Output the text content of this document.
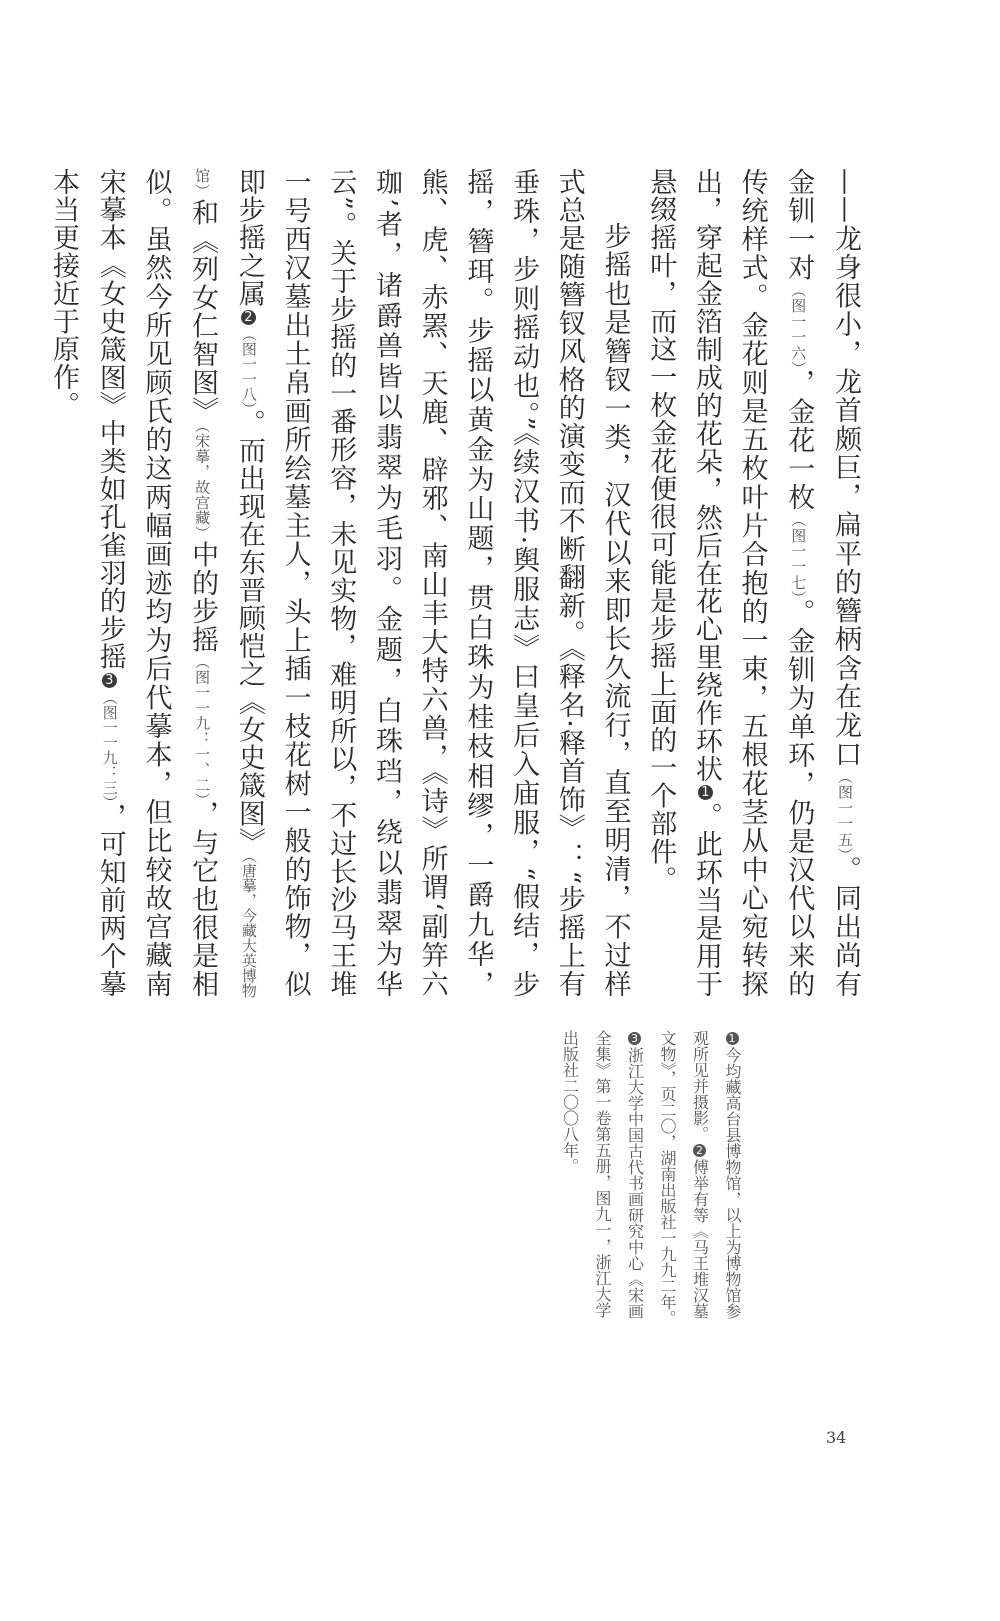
——龙身很小，龙首颇巨，扁平的簪柄含在龙口（图一一五）。同出尚有金钏一对（图一一六），金花一枚（图一一七）。金钏为单环，仍是汉代以来的传统样式。金花则是五枚叶片合抱的一束，五根花茎从中心宛转探出，穿起金箔制成的花朵，然后在花心里绕作环状1。此环当是用于悬缀摇叶，而这一枚金花便很可能是步摇上面的一个部件。

步摇也是簪钗一类，汉代以来即长久流行，直至明清，不过样式总是随簪钗风格的演变而不断翻新。《释名·释首饰》：“步摇上有垂珠，步则摇动也。”《续汉书·舆服志》曰皇后入庙服，“假结，步摇，簪珥。步摇以黄金为山题，贯白珠为桂枝相缪，一爵九华，熊、虎、赤罴、天鹿、辟邪、南山丰大特六兽，《诗》所谓‘副笄六珈’者，诸爵兽皆以翡翠为毛羽。金题，白珠珰，绕以翡翠为华云”。关于步摇的一番形容，未见实物，难明所以，不过长沙马王堆一号西汉墓出土帛画所绘墓主人，头上插一枝花树一般的饰物，似即步摇之属2（图一一八）。而出现在东晋顾恺之《女史箴图》（唐摹，今藏大英博物馆）和《列女仁智图》（宋摹，故宫藏）中的步摇（图一一九：一、二），与它也很是相似。虽然今所见顾氏的这两幅画迹均为后代摹本，但比较故宫藏南宋摹本《女史箴图》中类如孔雀羽的步摇3（图一一九：三），可知前两个摹本当更接近于原作。

1今均藏高台县博物馆，以上为博物馆参

观所见并摄影。2傅举有等《马王堆汉墓

文物》，页二〇，湖南出版社一九九二年。

3浙江大学中国古代书画研究中心《宋画

全集》第一卷第五册，图九一，浙江大学

出版社二〇〇八年。

34
